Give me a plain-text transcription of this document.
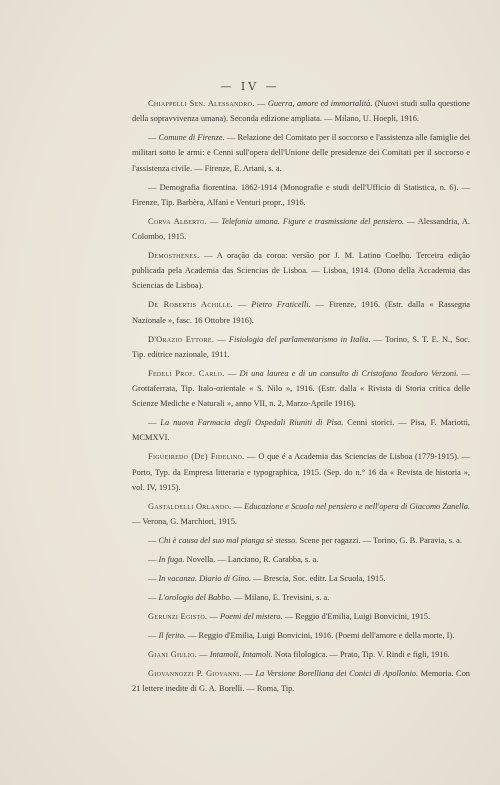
— IV —

Chiappelli Sen. Alessandro. — Guerra, amore ed immortalità. (Nuovi studi sulla questione della sopravvivenza umana). Seconda edizione ampliata. — Milano, U. Hoepli, 1916.

— Comune di Firenze. — Relazione del Comitato per il soccorso e l'assistenza alle famiglie dei militari sotto le armi: e Cenni sull'opera dell'Unione delle presidenze dei Comitati per il soccorso e l'assistenza civile. — Firenze, E. Ariani, s. a.

— Demografia fiorentina. 1862-1914 (Monografie e studi dell'Ufficio di Statistica, n. 6). — Firenze, Tip. Barbèra, Alfani e Venturi propr., 1916.

Corva Alberto. — Telefonia umana. Figure e trasmissione del pensiero. — Alessandria, A. Colombo, 1915.

Demosthenes. — A oração da coroa: versão por J. M. Latino Coelho. Terceira edição publicada pela Academia das Sciencias de Lisboa. — Lisboa, 1914. (Dono della Accademia das Sciencias de Lisboa).

De Robertis Achille. — Pietro Fraticelli. — Firenze, 1916. (Estr. dalla « Rassegna Nazionale », fasc. 16 Ottobre 1916).

D'Orazio Ettore. — Fisiologia del parlamentarismo in Italia. — Torino, S. T. E. N., Soc. Tip. editrice nazionale, 1911.

Fedeli Prof. Carlo. — Di una laurea e di un consulto di Cristofano Teodoro Verzoni. — Grottaferrata, Tip. Italo-orientale « S. Nilo », 1916. (Estr. dalla « Rivista di Storia critica delle Scienze Mediche e Naturali », anno VII, n. 2, Marzo-Aprile 1916).

— La nuova Farmacia degli Ospedali Riuniti di Pisa. Cenni storici. — Pisa, F. Mariotti, MCMXVI.

Figueiredo (De) Fidelino. — O que é a Academia das Sciencias de Lisboa (1779-1915). — Porto, Typ. da Empresa litteraria e typographica, 1915. (Sep. do n.° 16 da « Revista de historia », vol. IV, 1915).

Gastaldelli Orlando. — Educazione e Scuola nel pensiero e nell'opera di Giacomo Zanella. — Verona, G. Marchiori, 1915.

— Chi è causa del suo mal pianga sè stesso. Scene per ragazzi. — Torino, G. B. Paravia, s. a.

— In fuga. Novella. — Lanciano, R. Carabba, s. a.

— In vacanza. Diario di Gino. — Brescia, Soc. editr. La Scuola, 1915.

— L'orologio del Babbo. — Milano, E. Trevisini, s. a.

Gerunzi Egisto. — Poemi del mistero. — Reggio d'Emilia, Luigi Bonvicini, 1915.

— Il ferito. — Reggio d'Emilia, Luigi Bonvicini, 1916. (Poemi dell'amore e della morte, I).

Giani Giulio. — Intamoli, Intamoli. Nota filologica. — Prato, Tip. V. Rindi e figli, 1916.

Giovannozzi P. Giovanni. — La Versione Borelliana dei Conici di Apollonio. Memoria. Con 21 lettere inedite di G. A. Borelli. — Roma, Tip.
